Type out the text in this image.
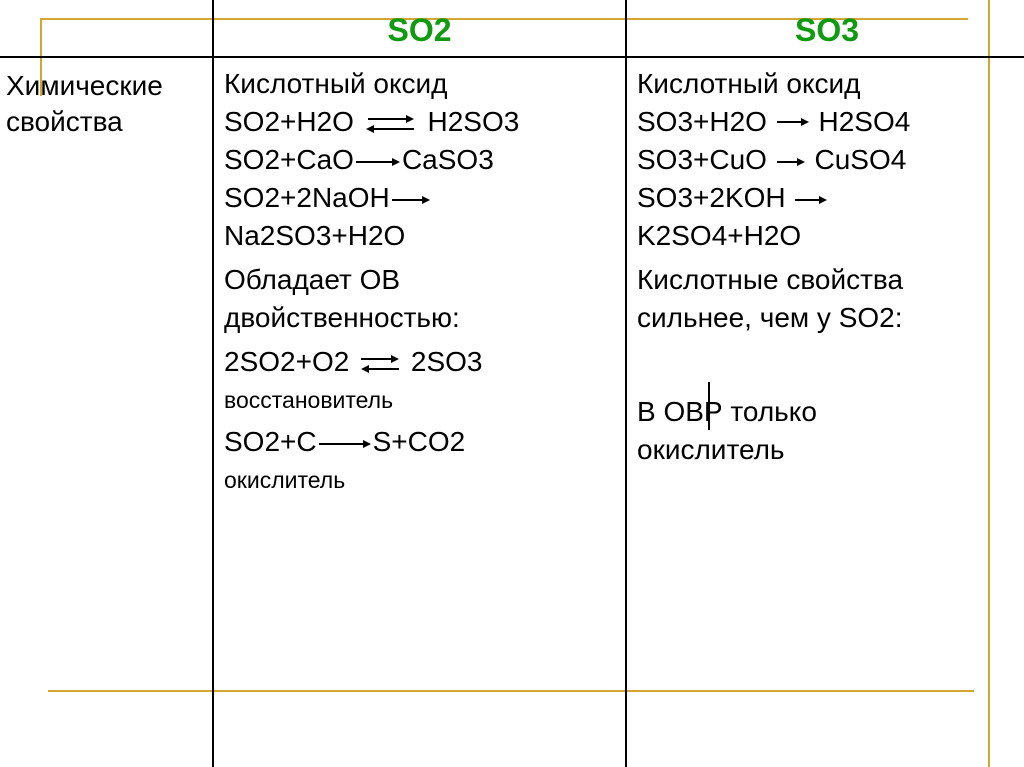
SO2	SO3
Химические
свойства
Кислотный оксид
SO2+H2O ⇌ H2SO3
SO2+CaO CaSO3
SO2+2NaOH
Na2SO3+H2O
Обладает ОВ
двойственностью:
2SO2+O2 ⇌ 2SO3
восстановитель
SO2+C S+CO2
окислитель
Кислотный оксид
SO3+H2O H2SO4
SO3+CuO CuSO4
SO3+2KOH
K2SO4+H2O
Кислотные свойства
сильнее, чем у SO2:
В ОВР только
окислитель
